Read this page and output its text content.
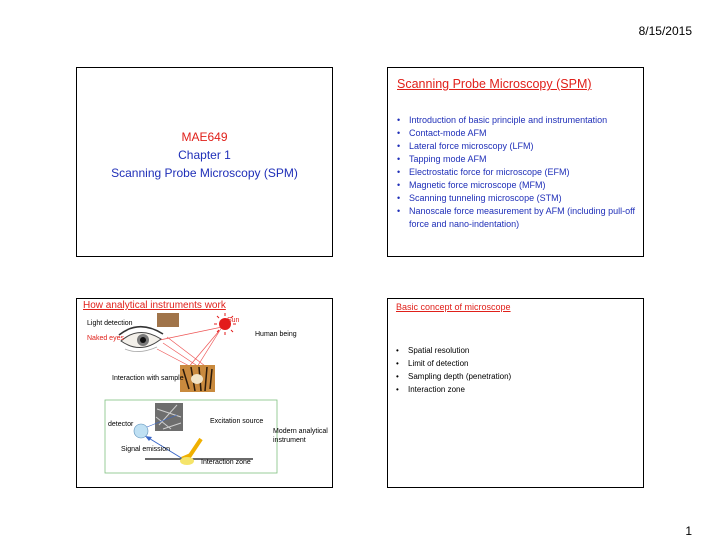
8/15/2015
MAE649
Chapter 1
Scanning Probe Microscopy (SPM)
Scanning Probe Microscopy (SPM)
• Introduction of basic principle and instrumentation
• Contact-mode AFM
• Lateral force microscopy (LFM)
• Tapping mode AFM
• Electrostatic force for microscope (EFM)
• Magnetic force microscope (MFM)
• Scanning tunneling microscope (STM)
• Nanoscale force measurement by AFM (including pull-off force and nano-indentation)
How analytical instruments work
Sun
Light detection
Naked eyes
Human being
Interaction with sample
Excitation source
detector
Modern analytical instrument
Signal emission
Interaction zone
Basic concept of microscope
• Spatial resolution
• Limit of detection
• Sampling depth (penetration)
• Interaction zone
1
